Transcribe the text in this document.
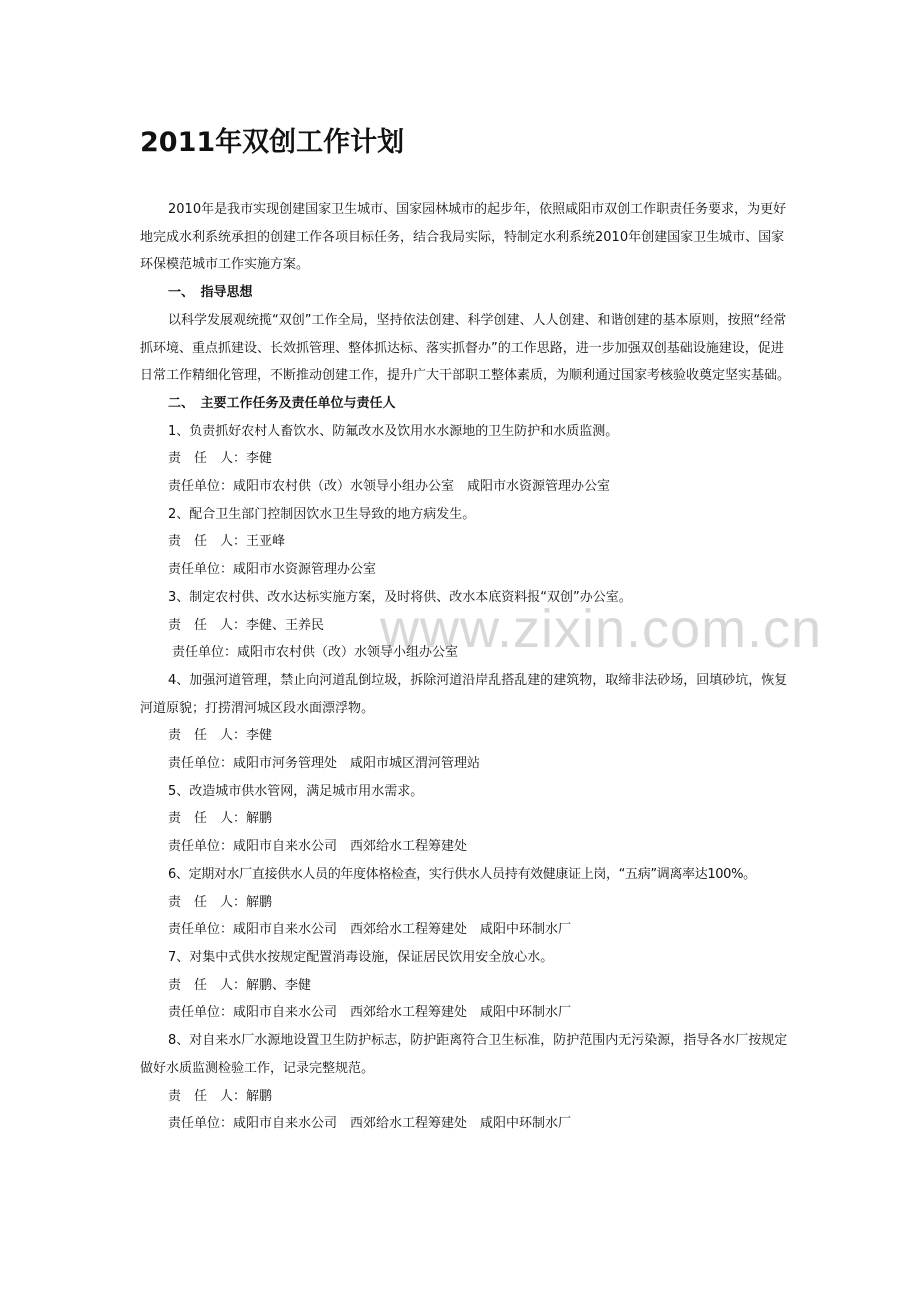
www.zixin.com.cn
2011年双创工作计划

2010年是我市实现创建国家卫生城市、国家园林城市的起步年，依照咸阳市双创工作职责任务要求，为更好地完成水利系统承担的创建工作各项目标任务，结合我局实际，特制定水利系统2010年创建国家卫生城市、国家环保模范城市工作实施方案。

一、　指导思想

以科学发展观统揽“双创”工作全局，坚持依法创建、科学创建、人人创建、和谐创建的基本原则，按照“经常抓环境、重点抓建设、长效抓管理、整体抓达标、落实抓督办”的工作思路，进一步加强双创基础设施建设，促进日常工作精细化管理，不断推动创建工作，提升广大干部职工整体素质，为顺利通过国家考核验收奠定坚实基础。

二、　主要工作任务及责任单位与责任人

1、负责抓好农村人畜饮水、防氟改水及饮用水水源地的卫生防护和水质监测。

责　任　人：李健

责任单位：咸阳市农村供（改）水领导小组办公室　咸阳市水资源管理办公室

2、配合卫生部门控制因饮水卫生导致的地方病发生。

责　任　人：王亚峰

责任单位：咸阳市水资源管理办公室

3、制定农村供、改水达标实施方案，及时将供、改水本底资料报“双创”办公室。

责　任　人：李健、王养民

责任单位：咸阳市农村供（改）水领导小组办公室

4、加强河道管理，禁止向河道乱倒垃圾，拆除河道沿岸乱搭乱建的建筑物，取缔非法砂场，回填砂坑，恢复河道原貌；打捞渭河城区段水面漂浮物。

责　任　人：李健

责任单位：咸阳市河务管理处　咸阳市城区渭河管理站

5、改造城市供水管网，满足城市用水需求。

责　任　人：解鹏

责任单位：咸阳市自来水公司　西郊给水工程筹建处

6、定期对水厂直接供水人员的年度体格检查，实行供水人员持有效健康证上岗，“五病”调离率达100%。

责　任　人：解鹏

责任单位：咸阳市自来水公司　西郊给水工程筹建处　咸阳中环制水厂

7、对集中式供水按规定配置消毒设施，保证居民饮用安全放心水。

责　任　人：解鹏、李健

责任单位：咸阳市自来水公司　西郊给水工程筹建处　咸阳中环制水厂

8、对自来水厂水源地设置卫生防护标志，防护距离符合卫生标准，防护范围内无污染源，指导各水厂按规定做好水质监测检验工作，记录完整规范。

责　任　人：解鹏

责任单位：咸阳市自来水公司　西郊给水工程筹建处　咸阳中环制水厂
